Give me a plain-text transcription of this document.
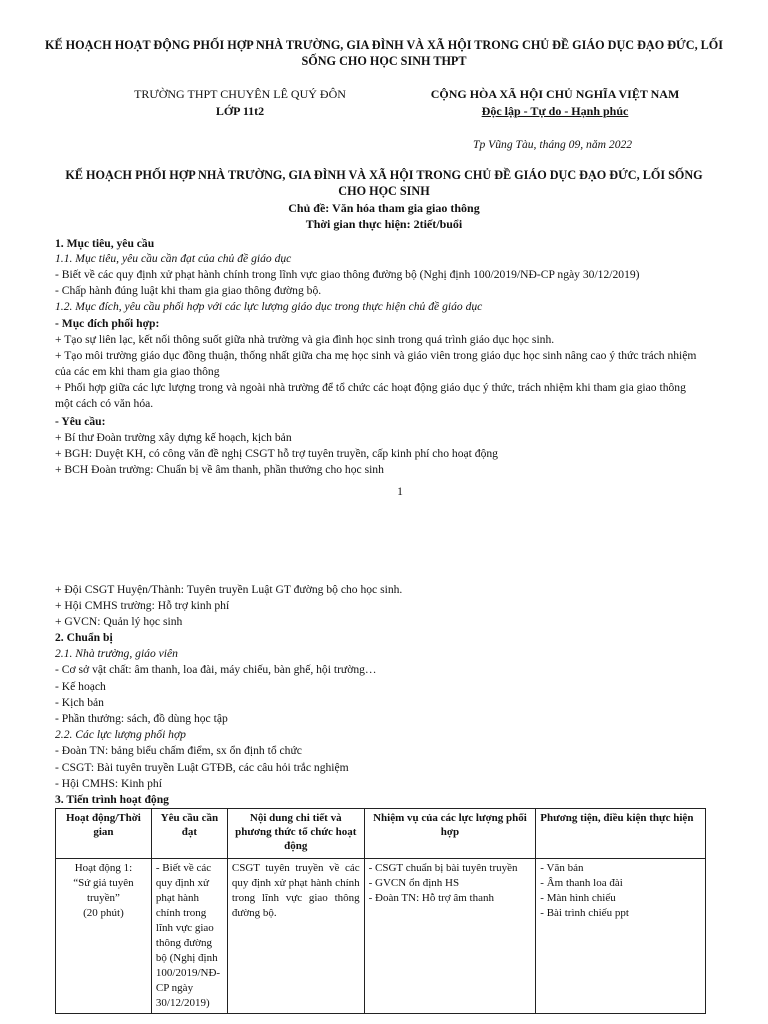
KẾ HOẠCH HOẠT ĐỘNG PHỐI HỢP NHÀ TRƯỜNG, GIA ĐÌNH VÀ XÃ HỘI TRONG CHỦ ĐỀ GIÁO DỤC ĐẠO ĐỨC, LỐI
SỐNG CHO HỌC SINH THPT
TRƯỜNG THPT CHUYÊN LÊ QUÝ ĐÔN
LỚP 11t2
CỘNG HÒA XÃ HỘI CHỦ NGHĨA VIỆT NAM
Độc lập - Tự do - Hạnh phúc
Tp Vũng Tàu, tháng 09, năm 2022
KẾ HOẠCH PHỐI HỢP NHÀ TRƯỜNG, GIA ĐÌNH VÀ XÃ HỘI TRONG CHỦ ĐỀ GIÁO DỤC ĐẠO ĐỨC, LỐI SỐNG
CHO HỌC SINH
Chủ đề: Văn hóa tham gia giao thông
Thời gian thực hiện: 2tiết/buổi
1. Mục tiêu, yêu cầu
1.1. Mục tiêu, yêu cầu cần đạt của chủ đề giáo dục
- Biết về các quy định xử phạt hành chính trong lĩnh vực giao thông đường bộ (Nghị định 100/2019/NĐ-CP ngày 30/12/2019)
- Chấp hành đúng luật khi tham gia giao thông đường bộ.
1.2. Mục đích, yêu cầu phối hợp với các lực lượng giáo dục trong thực hiện chủ đề giáo dục
- Mục đích phối hợp:
+ Tạo sự liên lạc, kết nối thông suốt giữa nhà trường và gia đình học sinh trong quá trình giáo dục học sinh.
+ Tạo môi trường giáo dục đồng thuận, thống nhất giữa cha mẹ học sinh và giáo viên trong giáo dục học sinh nâng cao ý thức trách nhiệm của các em khi tham gia giao thông
+ Phối hợp giữa các lực lượng trong và ngoài nhà trường để tổ chức các hoạt động giáo dục ý thức, trách nhiệm khi tham gia giao thông một cách có văn hóa.
- Yêu cầu:
+ Bí thư Đoàn trường xây dựng kế hoạch, kịch bản
+ BGH: Duyệt KH, có công văn đề nghị CSGT hỗ trợ tuyên truyền, cấp kinh phí cho hoạt động
+ BCH Đoàn trường: Chuẩn bị về âm thanh, phần thưởng cho học sinh
1
+ Đội CSGT Huyện/Thành: Tuyên truyền Luật GT đường bộ cho học sinh.
+ Hội CMHS trường: Hỗ trợ kinh phí
+ GVCN: Quản lý học sinh
2. Chuẩn bị
2.1. Nhà trường, giáo viên
- Cơ sở vật chất: âm thanh, loa đài, máy chiếu, bàn ghế, hội trường…
- Kế hoạch
- Kịch bản
- Phần thưởng: sách, đồ dùng học tập
2.2. Các lực lượng phối hợp
- Đoàn TN: bảng biểu chấm điểm, sx ổn định tổ chức
- CSGT: Bài tuyên truyền Luật GTĐB, các câu hỏi trắc nghiệm
- Hội CMHS: Kinh phí
3. Tiến trình hoạt động
Hoạt động/Thời gian	Yêu cầu cần đạt	Nội dung chi tiết và phương thức tổ chức hoạt động	Nhiệm vụ của các lực lượng phối hợp	Phương tiện, điều kiện thực hiện

Hoạt động 1:
“Sứ giả tuyên truyền”
(20 phút)	- Biết về các quy định xử phạt hành chính trong lĩnh vực giao thông đường bộ (Nghị định 100/2019/NĐ-CP ngày 30/12/2019)	CSGT tuyên truyền về các quy định xử phạt hành chính trong lĩnh vực giao thông đường bộ.	- CSGT chuẩn bị bài tuyên truyền
- GVCN ổn định HS
- Đoàn TN: Hỗ trợ âm thanh	- Văn bản
- Âm thanh loa đài
- Màn hình chiếu
- Bài trình chiếu ppt
